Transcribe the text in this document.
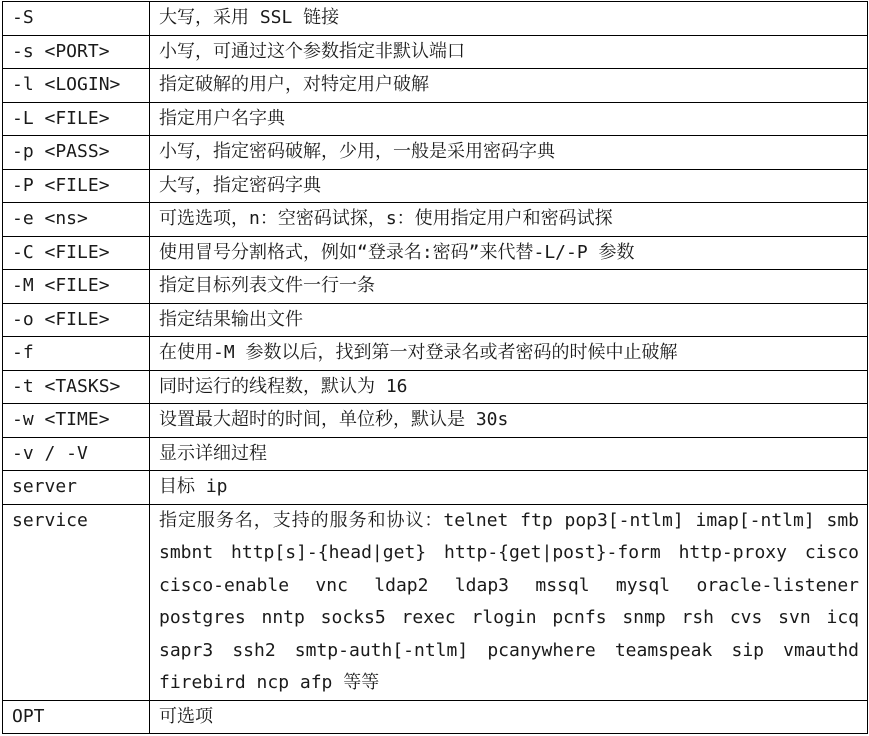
-S	大写，采用 SSL 链接
-s <PORT>	小写，可通过这个参数指定非默认端口
-l <LOGIN>	指定破解的用户，对特定用户破解
-L <FILE>	指定用户名字典
-p <PASS>	小写，指定密码破解，少用，一般是采用密码字典
-P <FILE>	大写，指定密码字典
-e <ns>	可选选项，n：空密码试探，s：使用指定用户和密码试探
-C <FILE>	使用冒号分割格式，例如“登录名:密码”来代替-L/-P 参数
-M <FILE>	指定目标列表文件一行一条
-o <FILE>	指定结果输出文件
-f	在使用-M 参数以后，找到第一对登录名或者密码的时候中止破解
-t <TASKS>	同时运行的线程数，默认为 16
-w <TIME>	设置最大超时的时间，单位秒，默认是 30s
-v / -V	显示详细过程
server	目标 ip
service	指定服务名，支持的服务和协议：telnet ftp pop3[-ntlm] imap[-ntlm] smb smbnt http[s]-{head|get} http-{get|post}-form http-proxy cisco cisco-enable vnc ldap2 ldap3 mssql mysql oracle-listener postgres nntp socks5 rexec rlogin pcnfs snmp rsh cvs svn icq sapr3 ssh2 smtp-auth[-ntlm] pcanywhere teamspeak sip vmauthd firebird ncp afp 等等
OPT	可选项
